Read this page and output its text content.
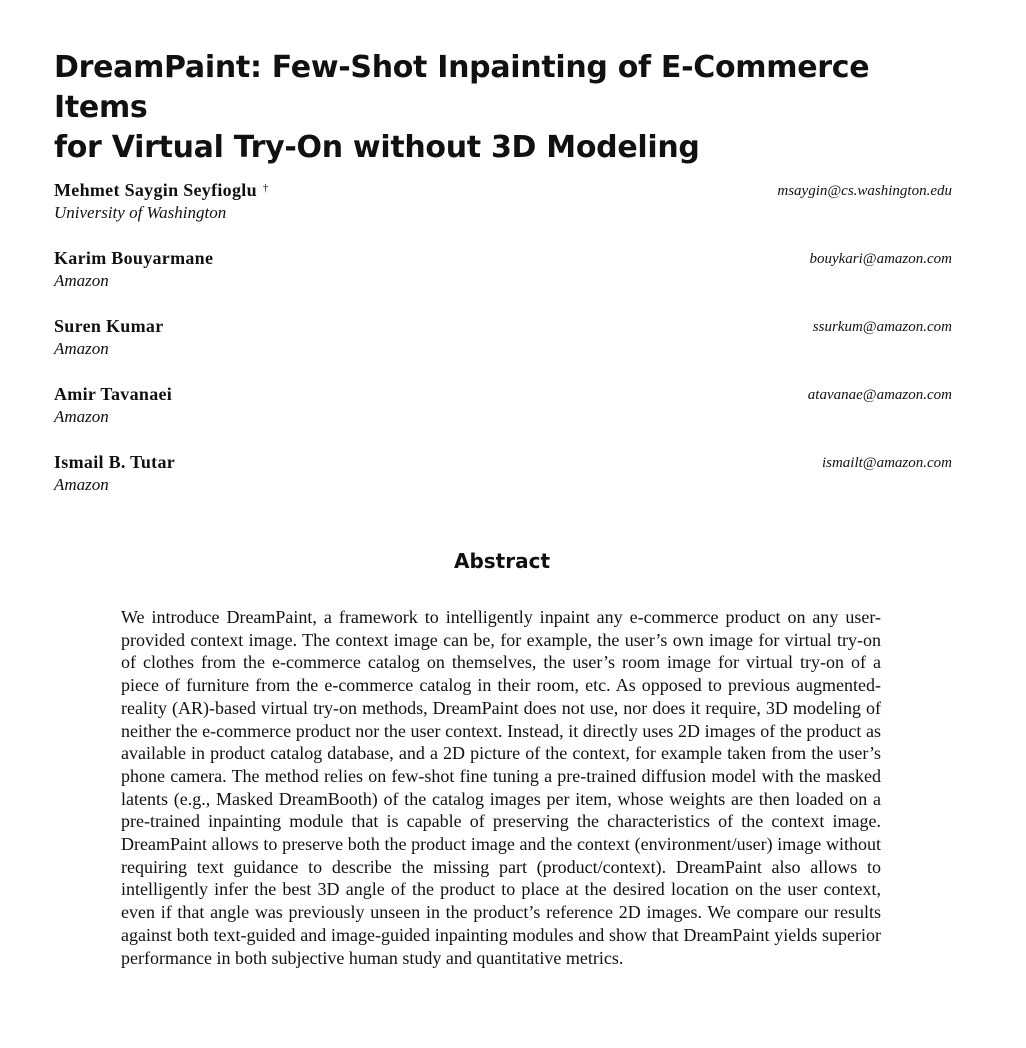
DreamPaint: Few-Shot Inpainting of E-Commerce Items
for Virtual Try-On without 3D Modeling
Mehmet Saygin Seyfioglu †
University of Washington
msaygin@cs.washington.edu
Karim Bouyarmane
Amazon
bouykari@amazon.com
Suren Kumar
Amazon
ssurkum@amazon.com
Amir Tavanaei
Amazon
atavanae@amazon.com
Ismail B. Tutar
Amazon
ismailt@amazon.com
Abstract

We introduce DreamPaint, a framework to intelligently inpaint any e-commerce product on any user-provided context image. The context image can be, for example, the user’s own image for virtual try-on of clothes from the e-commerce catalog on themselves, the user’s room image for virtual try-on of a piece of furniture from the e-commerce catalog in their room, etc. As opposed to previous augmented-reality (AR)-based virtual try-on methods, DreamPaint does not use, nor does it require, 3D modeling of neither the e-commerce product nor the user context. Instead, it directly uses 2D images of the product as available in product catalog database, and a 2D picture of the context, for example taken from the user’s phone camera. The method relies on few-shot fine tuning a pre-trained diffusion model with the masked latents (e.g., Masked DreamBooth) of the catalog images per item, whose weights are then loaded on a pre-trained inpainting module that is capable of preserving the characteristics of the context image. DreamPaint allows to preserve both the product image and the context (environment/user) image without requiring text guidance to describe the missing part (product/context). DreamPaint also allows to intelligently infer the best 3D angle of the product to place at the desired location on the user context, even if that angle was previously unseen in the product’s reference 2D images. We compare our results against both text-guided and image-guided inpainting modules and show that DreamPaint yields superior performance in both subjective human study and quantitative metrics.
